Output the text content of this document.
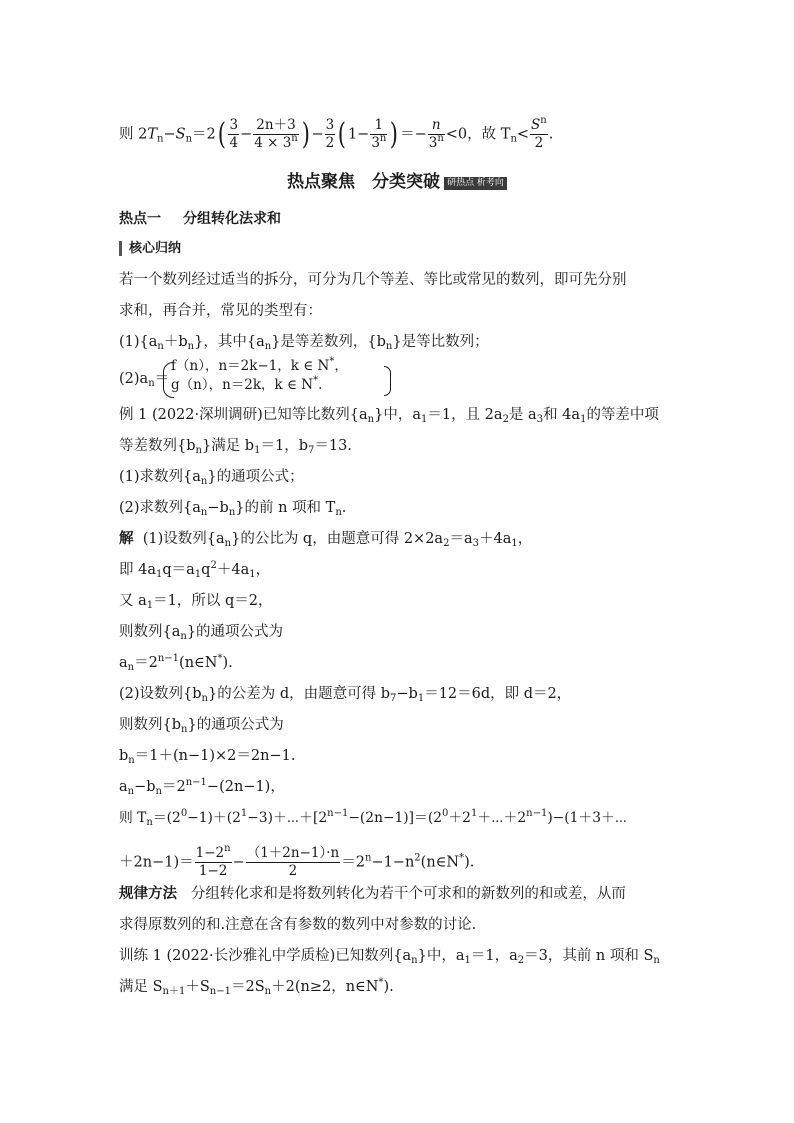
则 $2T_n-S_n=2( \frac{3}{4} - \frac{2n+3}{4 \times 3^n}$ ) − $\frac{3}{2}$ ( $1- \frac{1}{3^n}$ ) ＝− $\frac{n}{3^n} <0$，故 $T_n< \frac{S^n}{2}$ .
热点聚焦　分类突破 研热点 析考向
热点一 分组转化法求和
核心归纳
若一个数列经过适当的拆分，可分为几个等差、等比或常见的数列，即可先分别
求和，再合并，常见的类型有：
$(1)\{a_n+b_n\}$，其中$\{a_n\}$是等差数列，$\{b_n\}$是等比数列；
$(2)a_n=$
f（n），n＝2k−1，k ∈ N*，
g（n），n＝2k，k ∈ N*.
例 1 (2022·深圳调研)已知等比数列$\{a_n\}$中，$a_1=1$，且 $2a_2$是 $a_3$和 $4a_1$的等差中项
等差数列$\{b_n\}$满足 $b_1=1$，$b_7=13$.
(1)求数列$\{a_n\}$的通项公式；
(2)求数列$\{a_n-b_n\}$的前 n 项和 $T_n$.
解 (1)设数列$\{a_n\}$的公比为 q，由题意可得 $2\times 2a_2=a_3+4a_1$，
即 $4a_1q=a_1q^2+4a_1$，
又 $a_1=1$，所以 q＝2，
则数列$\{a_n\}$的通项公式为
$a_n=2^{n-1}(n\in N^*)$.
(2)设数列$\{b_n\}$的公差为 d，由题意可得 $b_7-b_1=12=6d$，即 d＝2，
则数列$\{b_n\}$的通项公式为
$b_n=1+(n-1)\times 2=2n-1$.
$a_n-b_n=2^{n-1}-(2n-1)$，
则 $T_n=(2^0-1)+(2^1-3)+\cdots+[2^{n-1}-(2n-1)]=(2^0+2^1+\cdots+2^{n-1})-(1+3+\cdots$
$+2n-1)= \frac{1-2^n}{1-2} - \frac{(1+2n-1)\cdot n}{2}$ $=2^n-1-n^2(n\in N^*)$.
规律方法 分组转化求和是将数列转化为若干个可求和的新数列的和或差，从而
求得原数列的和.注意在含有参数的数列中对参数的讨论.
训练 1 (2022·长沙雅礼中学质检)已知数列$\{a_n\}$中，$a_1=1$，$a_2=3$，其前 n 项和 $S_n$
满足 $S_{n+1}+S_{n-1}=2S_n+2(n\ge 2$，n∈N*).
